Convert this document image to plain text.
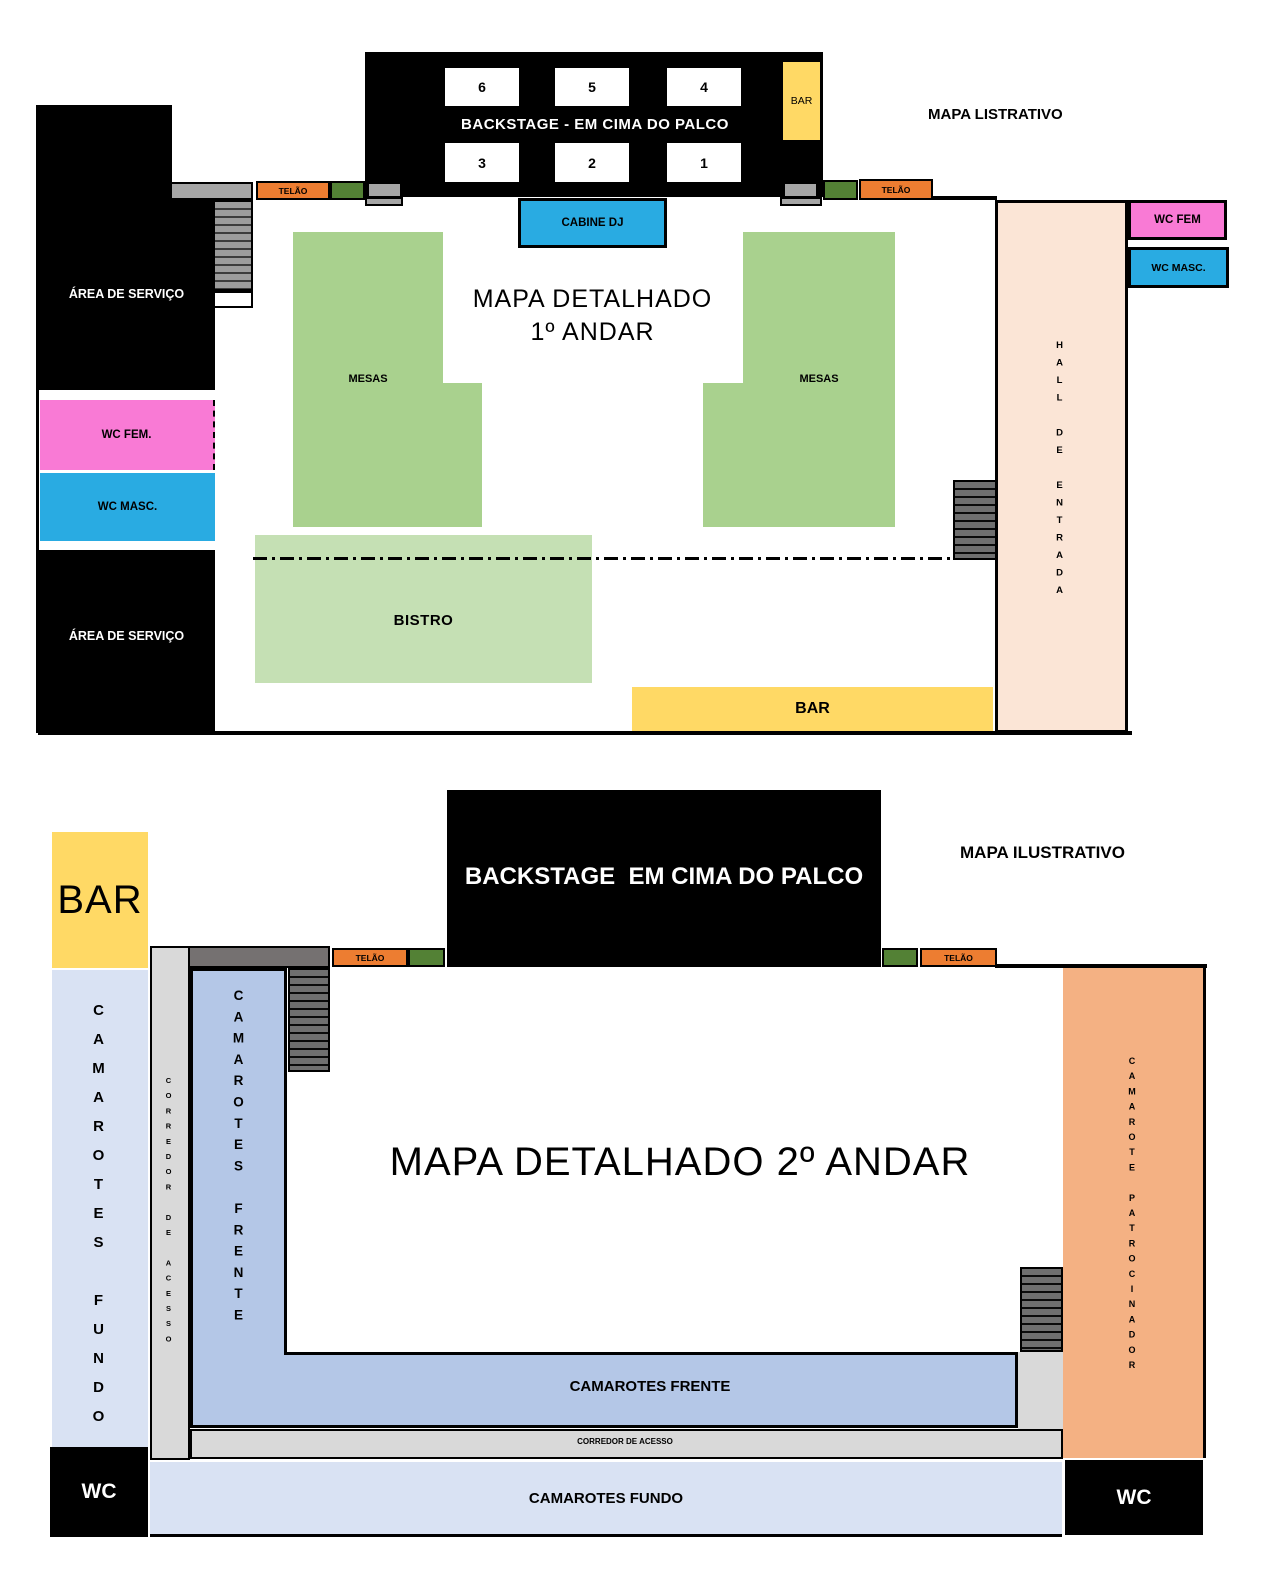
MAPA LISTRATIVO
6	5	4
BACKSTAGE - EM CIMA DO PALCO
3	2	1
BAR
TELÃO	TELÃO
CABINE DJ
MAPA DETALHADO
1º ANDAR
ÁREA DE SERVIÇO
WC FEM.
WC MASC.
ÁREA DE SERVIÇO
MESAS	MESAS
BISTRO
BAR
HALL DE ENTRADA
WC FEM
WC MASC.
MAPA ILUSTRATIVO
BACKSTAGE  EM CIMA DO PALCO
BAR
CAMAROTES FUNDO	CORREDOR DE ACESSO	CAMAROTES FRENTE
TELÃO	TELÃO
MAPA DETALHADO 2º ANDAR	CAMAROTE PATROCINADOR
CAMAROTES FRENTE
CORREDOR DE ACESSO
CAMAROTES FUNDO
WC	WC
